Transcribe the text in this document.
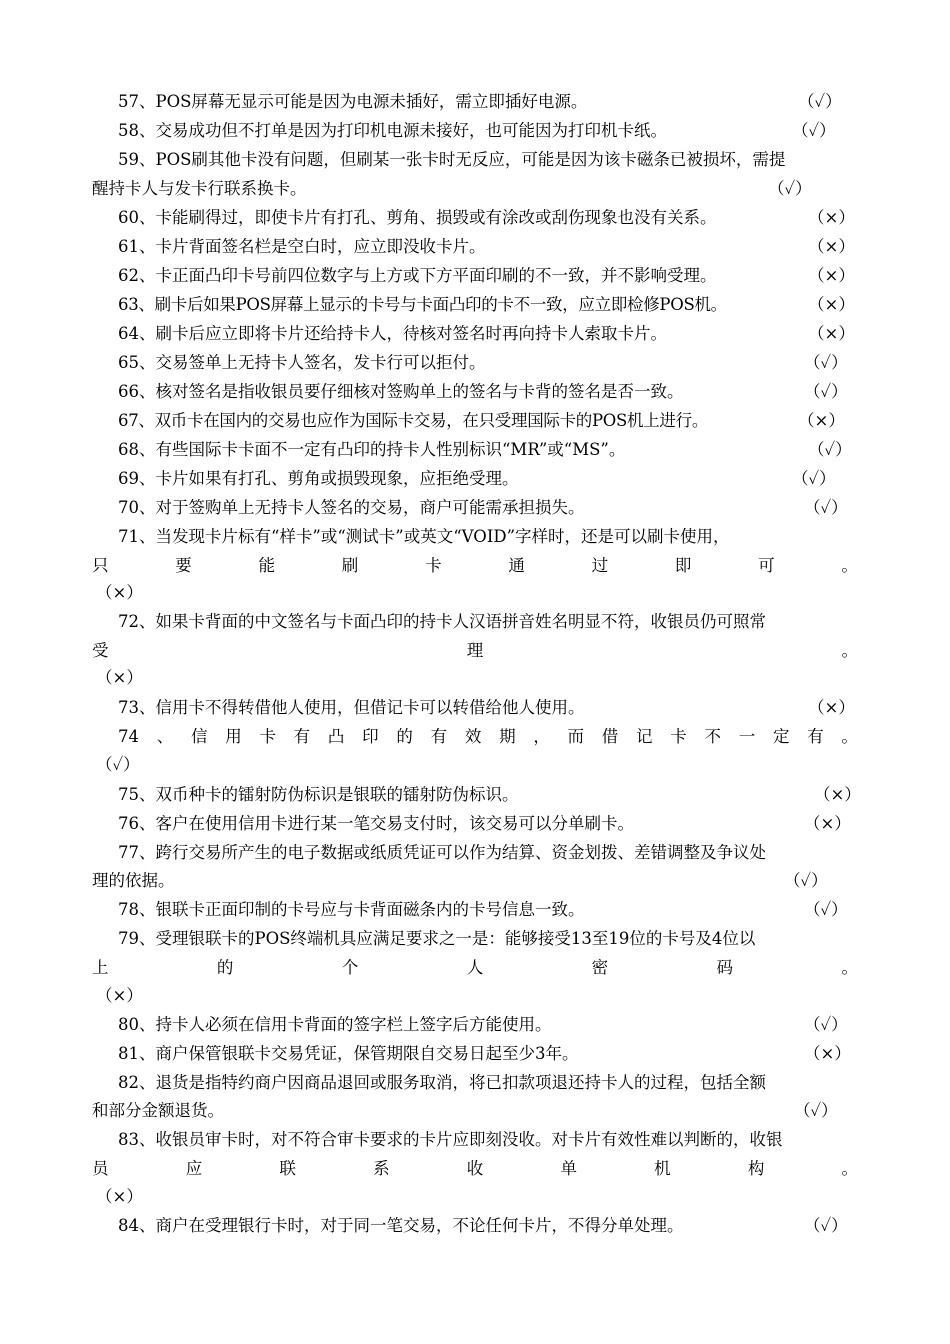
57、POS屏幕无显示可能是因为电源未插好，需立即插好电源。	（✓）
58、交易成功但不打单是因为打印机电源未接好，也可能因为打印机卡纸。	（✓）
59、POS刷其他卡没有问题，但刷某一张卡时无反应，可能是因为该卡磁条已被损坏，需提
醒持卡人与发卡行联系换卡。	（✓）
60、卡能刷得过，即使卡片有打孔、剪角、损毁或有涂改或刮伤现象也没有关系。	（×）
61、卡片背面签名栏是空白时，应立即没收卡片。	（×）
62、卡正面凸印卡号前四位数字与上方或下方平面印刷的不一致，并不影响受理。	（×）
63、刷卡后如果POS屏幕上显示的卡号与卡面凸印的卡不一致，应立即检修POS机。	（×）
64、刷卡后应立即将卡片还给持卡人，待核对签名时再向持卡人索取卡片。	（×）
65、交易签单上无持卡人签名，发卡行可以拒付。	（✓）
66、核对签名是指收银员要仔细核对签购单上的签名与卡背的签名是否一致。	（✓）
67、双币卡在国内的交易也应作为国际卡交易，在只受理国际卡的POS机上进行。	（×）
68、有些国际卡卡面不一定有凸印的持卡人性别标识“MR”或“MS”。	（✓）
69、卡片如果有打孔、剪角或损毁现象，应拒绝受理。	（✓）
70、对于签购单上无持卡人签名的交易，商户可能需承担损失。	（✓）
71、当发现卡片标有“样卡”或“测试卡”或英文“VOID”字样时，还是可以刷卡使用，
只	要	能	刷	卡	通	过	即	可	。
（×）
72、如果卡背面的中文签名与卡面凸印的持卡人汉语拼音姓名明显不符，收银员仍可照常
受	理	。
（×）
73、信用卡不得转借他人使用，但借记卡可以转借给他人使用。	（×）
74 、 信 用 卡 有 凸 印 的 有 效 期 ， 而 借 记 卡 不 一 定 有 。
（✓）
75、双币种卡的镭射防伪标识是银联的镭射防伪标识。	（×）
76、客户在使用信用卡进行某一笔交易支付时，该交易可以分单刷卡。	（×）
77、跨行交易所产生的电子数据或纸质凭证可以作为结算、资金划拨、差错调整及争议处
理的依据。	（✓）
78、银联卡正面印制的卡号应与卡背面磁条内的卡号信息一致。	（✓）
79、受理银联卡的POS终端机具应满足要求之一是：能够接受13至19位的卡号及4位以
上	的	个	人	密	码	。
（×）
80、持卡人必须在信用卡背面的签字栏上签字后方能使用。	（✓）
81、商户保管银联卡交易凭证，保管期限自交易日起至少3年。	（×）
82、退货是指特约商户因商品退回或服务取消，将已扣款项退还持卡人的过程，包括全额
和部分金额退货。	（✓）
83、收银员审卡时，对不符合审卡要求的卡片应即刻没收。对卡片有效性难以判断的，收银
员	应	联	系	收	单	机	构	。
（×）
84、商户在受理银行卡时，对于同一笔交易，不论任何卡片，不得分单处理。	（✓）
